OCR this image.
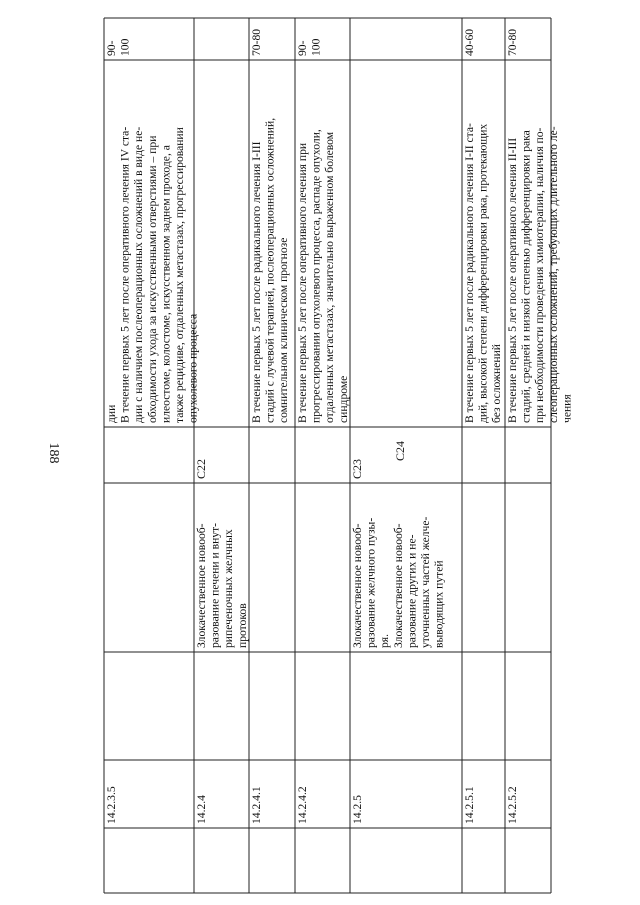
188
14.2.3.5
дии В течение первых 5 лет после оперативного лечения IV ста- дии с наличием послеоперационных осложнений в виде не- обходимости ухода за искусственными отверстиями – при илеостоме, колостоме, искусственном заднем проходе, а также рецидиве, отдаленных метастазах, прогрессировании опухолевого процесса
90- 100
14.2.4
Злокачественное новооб- разование печени и внут- рипеченочных желчных протоков
C22
14.2.4.1
В течение первых 5 лет после радикального лечения I-III стадий с лучевой терапией, послеоперационных осложнений, сомнительном клиническом прогнозе
70-80
14.2.4.2
В течение первых 5 лет после оперативного лечения при прогрессировании опухолевого процесса, распаде опухоли, отдаленных метастазах, значительно выраженном болевом синдроме
90- 100
14.2.5
Злокачественное новооб- разование желчного пузы- ря. Злокачественное новооб- разование других и не- уточненных частей желче- выводящих путей
C23
C24
14.2.5.1
В течение первых 5 лет после радикального лечения I-II ста- дий, высокой степени дифференцировки рака, протекающих без осложнений
40-60
14.2.5.2
В течение первых 5 лет после оперативного лечения II-III стадий, средней и низкой степенью дифференцировки рака при необходимости проведения химиотерапии, наличия по- слеоперационных осложнений, требующих длительного ле- чения
70-80
